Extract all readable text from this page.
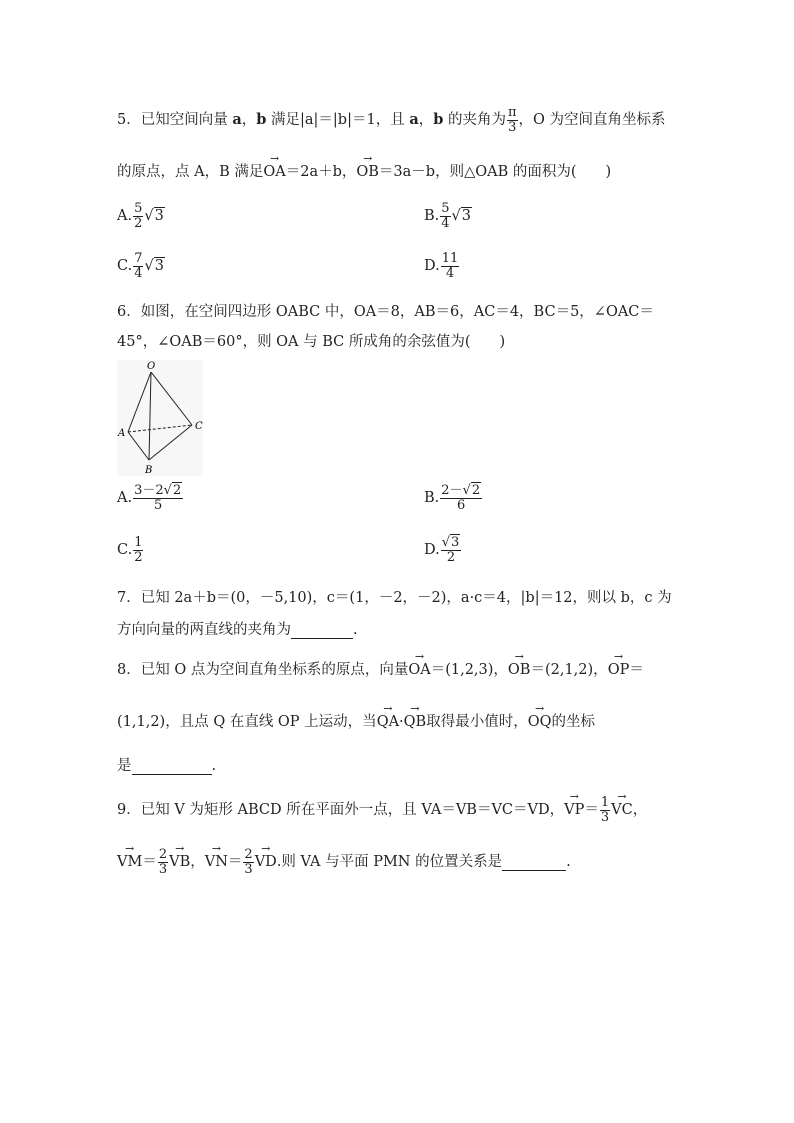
5．已知空间向量 a，b 满足|a|＝|b|＝1，且 a，b 的夹角为 $\frac{\pi}{3}$ ，O 为空间直角坐标系
的原点，点 A，B 满足→ OA＝2a＋b，→ OB＝3a－b，则△OAB 的面积为(　　)
A. $\frac{5}{2} √3$	B. $\frac{5}{4} √3$
C. $\frac{7}{4} √3$	D. $\frac{11}{4}$
6．如图，在空间四边形 OABC 中，OA＝8，AB＝6，AC＝4，BC＝5，∠OAC＝
45°，∠OAB＝60°，则 OA 与 BC 所成角的余弦值为(　　)
O
A
B
C
A. $\frac{3-2√2}{5}$	B. $\frac{2-√2}{6}$
C. $\frac{1}{2}$	D. $\frac{√3}{2}$
7．已知 2a＋b＝(0，－5,10)，c＝(1，－2，－2)，a·c＝4，|b|＝12，则以 b，c 为
方向向量的两直线的夹角为	.
8．已知 O 点为空间直角坐标系的原点，向量→ OA＝(1,2,3)，→ OB＝(2,1,2)，→ OP＝
(1,1,2)，且点 Q 在直线 OP 上运动，当→ QA·→ QB取得最小值时，→ OQ的坐标
是	.
9．已知 V 为矩形 ABCD 所在平面外一点，且 VA＝VB＝VC＝VD，→ $VP= \frac{1}{3}$ → VC，
→ $VM= \frac{2}{3}$ → VB，→ $VN= \frac{2}{3}$ → VD.则 VA 与平面 PMN 的位置关系是	.
